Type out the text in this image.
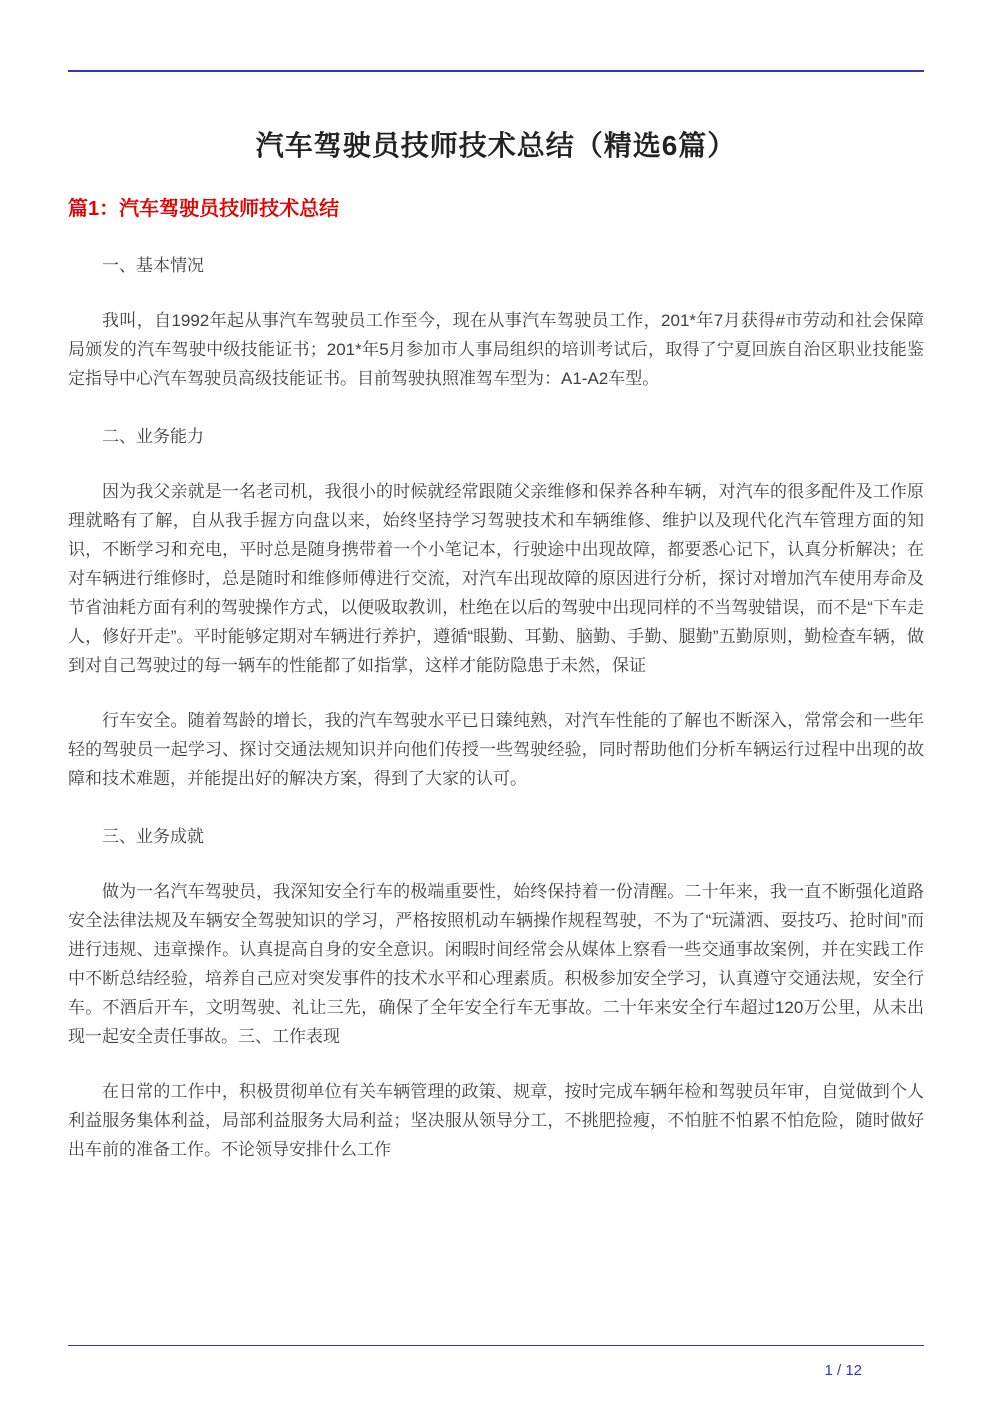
汽车驾驶员技师技术总结（精选6篇）
篇1：汽车驾驶员技师技术总结

一、基本情况

我叫，自1992年起从事汽车驾驶员工作至今，现在从事汽车驾驶员工作，201*年7月获得#市劳动和社会保障局颁发的汽车驾驶中级技能证书；201*年5月参加市人事局组织的培训考试后，取得了宁夏回族自治区职业技能鉴定指导中心汽车驾驶员高级技能证书。目前驾驶执照准驾车型为：A1-A2车型。

二、业务能力

因为我父亲就是一名老司机，我很小的时候就经常跟随父亲维修和保养各种车辆，对汽车的很多配件及工作原理就略有了解，自从我手握方向盘以来，始终坚持学习驾驶技术和车辆维修、维护以及现代化汽车管理方面的知识，不断学习和充电，平时总是随身携带着一个小笔记本，行驶途中出现故障，都要悉心记下，认真分析解决；在对车辆进行维修时，总是随时和维修师傅进行交流，对汽车出现故障的原因进行分析，探讨对增加汽车使用寿命及节省油耗方面有利的驾驶操作方式，以便吸取教训，杜绝在以后的驾驶中出现同样的不当驾驶错误，而不是“下车走人，修好开走”。平时能够定期对车辆进行养护，遵循“眼勤、耳勤、脑勤、手勤、腿勤”五勤原则，勤检查车辆，做到对自己驾驶过的每一辆车的性能都了如指掌，这样才能防隐患于未然，保证

行车安全。随着驾龄的增长，我的汽车驾驶水平已日臻纯熟，对汽车性能的了解也不断深入，常常会和一些年轻的驾驶员一起学习、探讨交通法规知识并向他们传授一些驾驶经验，同时帮助他们分析车辆运行过程中出现的故障和技术难题，并能提出好的解决方案，得到了大家的认可。

三、业务成就

做为一名汽车驾驶员，我深知安全行车的极端重要性，始终保持着一份清醒。二十年来，我一直不断强化道路安全法律法规及车辆安全驾驶知识的学习，严格按照机动车辆操作规程驾驶，不为了“玩潇洒、耍技巧、抢时间”而进行违规、违章操作。认真提高自身的安全意识。闲暇时间经常会从媒体上察看一些交通事故案例，并在实践工作中不断总结经验，培养自己应对突发事件的技术水平和心理素质。积极参加安全学习，认真遵守交通法规，安全行车。不酒后开车，文明驾驶、礼让三先，确保了全年安全行车无事故。二十年来安全行车超过120万公里，从未出现一起安全责任事故。三、工作表现

在日常的工作中，积极贯彻单位有关车辆管理的政策、规章，按时完成车辆年检和驾驶员年审，自觉做到个人利益服务集体利益，局部利益服务大局利益；坚决服从领导分工，不挑肥捡瘦，不怕脏不怕累不怕危险，随时做好出车前的准备工作。不论领导安排什么工作

1 / 12
